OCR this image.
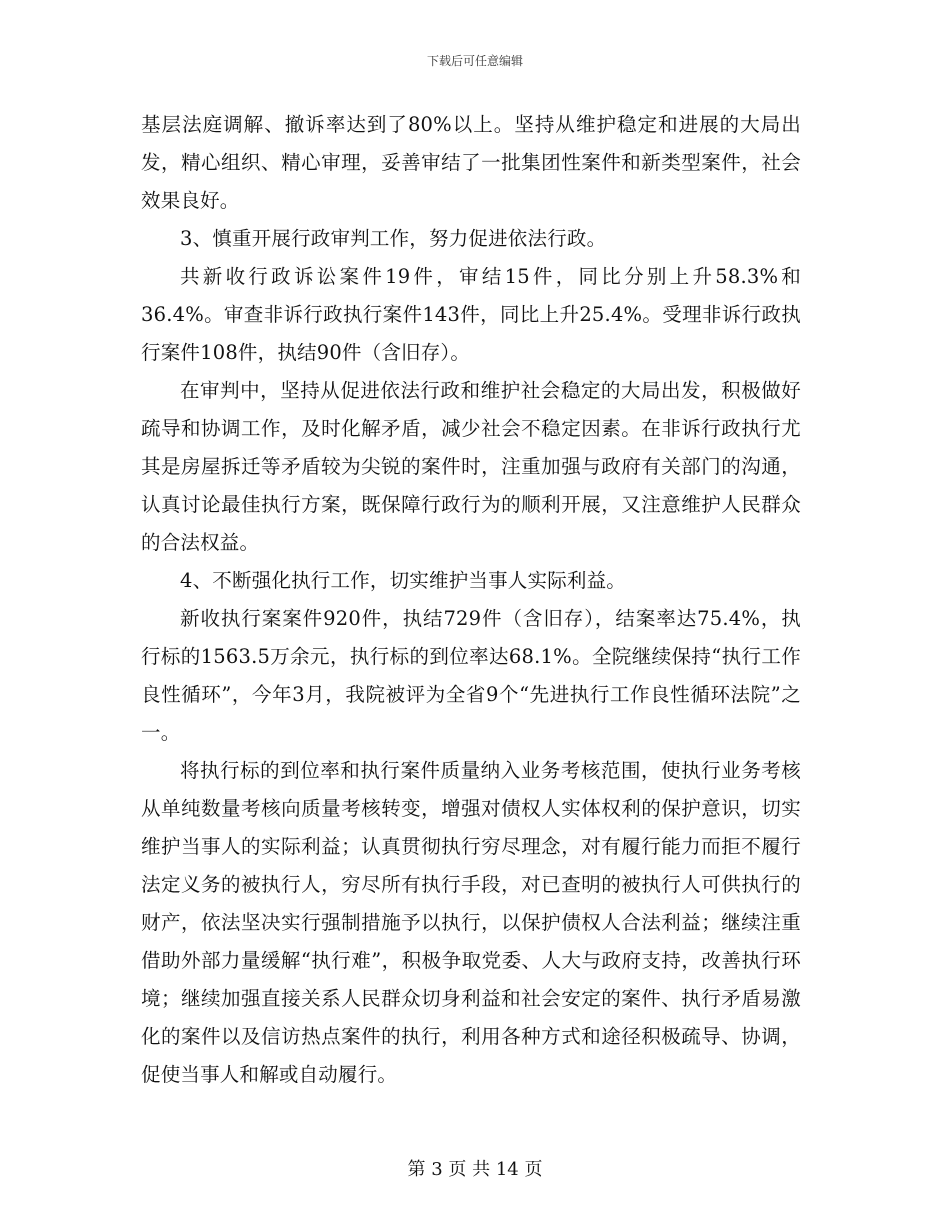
下载后可任意编辑

基层法庭调解、撤诉率达到了80%以上。坚持从维护稳定和进展的大局出发，精心组织、精心审理，妥善审结了一批集团性案件和新类型案件，社会效果良好。

3、慎重开展行政审判工作，努力促进依法行政。

共新收行政诉讼案件19件，审结15件，同比分别上升58.3%和36.4%。审查非诉行政执行案件143件，同比上升25.4%。受理非诉行政执行案件108件，执结90件（含旧存）。

在审判中，坚持从促进依法行政和维护社会稳定的大局出发，积极做好疏导和协调工作，及时化解矛盾，减少社会不稳定因素。在非诉行政执行尤其是房屋拆迁等矛盾较为尖锐的案件时，注重加强与政府有关部门的沟通，认真讨论最佳执行方案，既保障行政行为的顺利开展，又注意维护人民群众的合法权益。

4、不断强化执行工作，切实维护当事人实际利益。

新收执行案案件920件，执结729件（含旧存），结案率达75.4%，执行标的1563.5万余元，执行标的到位率达68.1%。全院继续保持“执行工作良性循环”，今年3月，我院被评为全省9个“先进执行工作良性循环法院”之一。

将执行标的到位率和执行案件质量纳入业务考核范围，使执行业务考核从单纯数量考核向质量考核转变，增强对债权人实体权利的保护意识，切实维护当事人的实际利益；认真贯彻执行穷尽理念，对有履行能力而拒不履行法定义务的被执行人，穷尽所有执行手段，对已查明的被执行人可供执行的财产，依法坚决实行强制措施予以执行，以保护债权人合法利益；继续注重借助外部力量缓解“执行难”，积极争取党委、人大与政府支持，改善执行环境；继续加强直接关系人民群众切身利益和社会安定的案件、执行矛盾易激化的案件以及信访热点案件的执行，利用各种方式和途径积极疏导、协调，促使当事人和解或自动履行。

第 3 页 共 14 页
